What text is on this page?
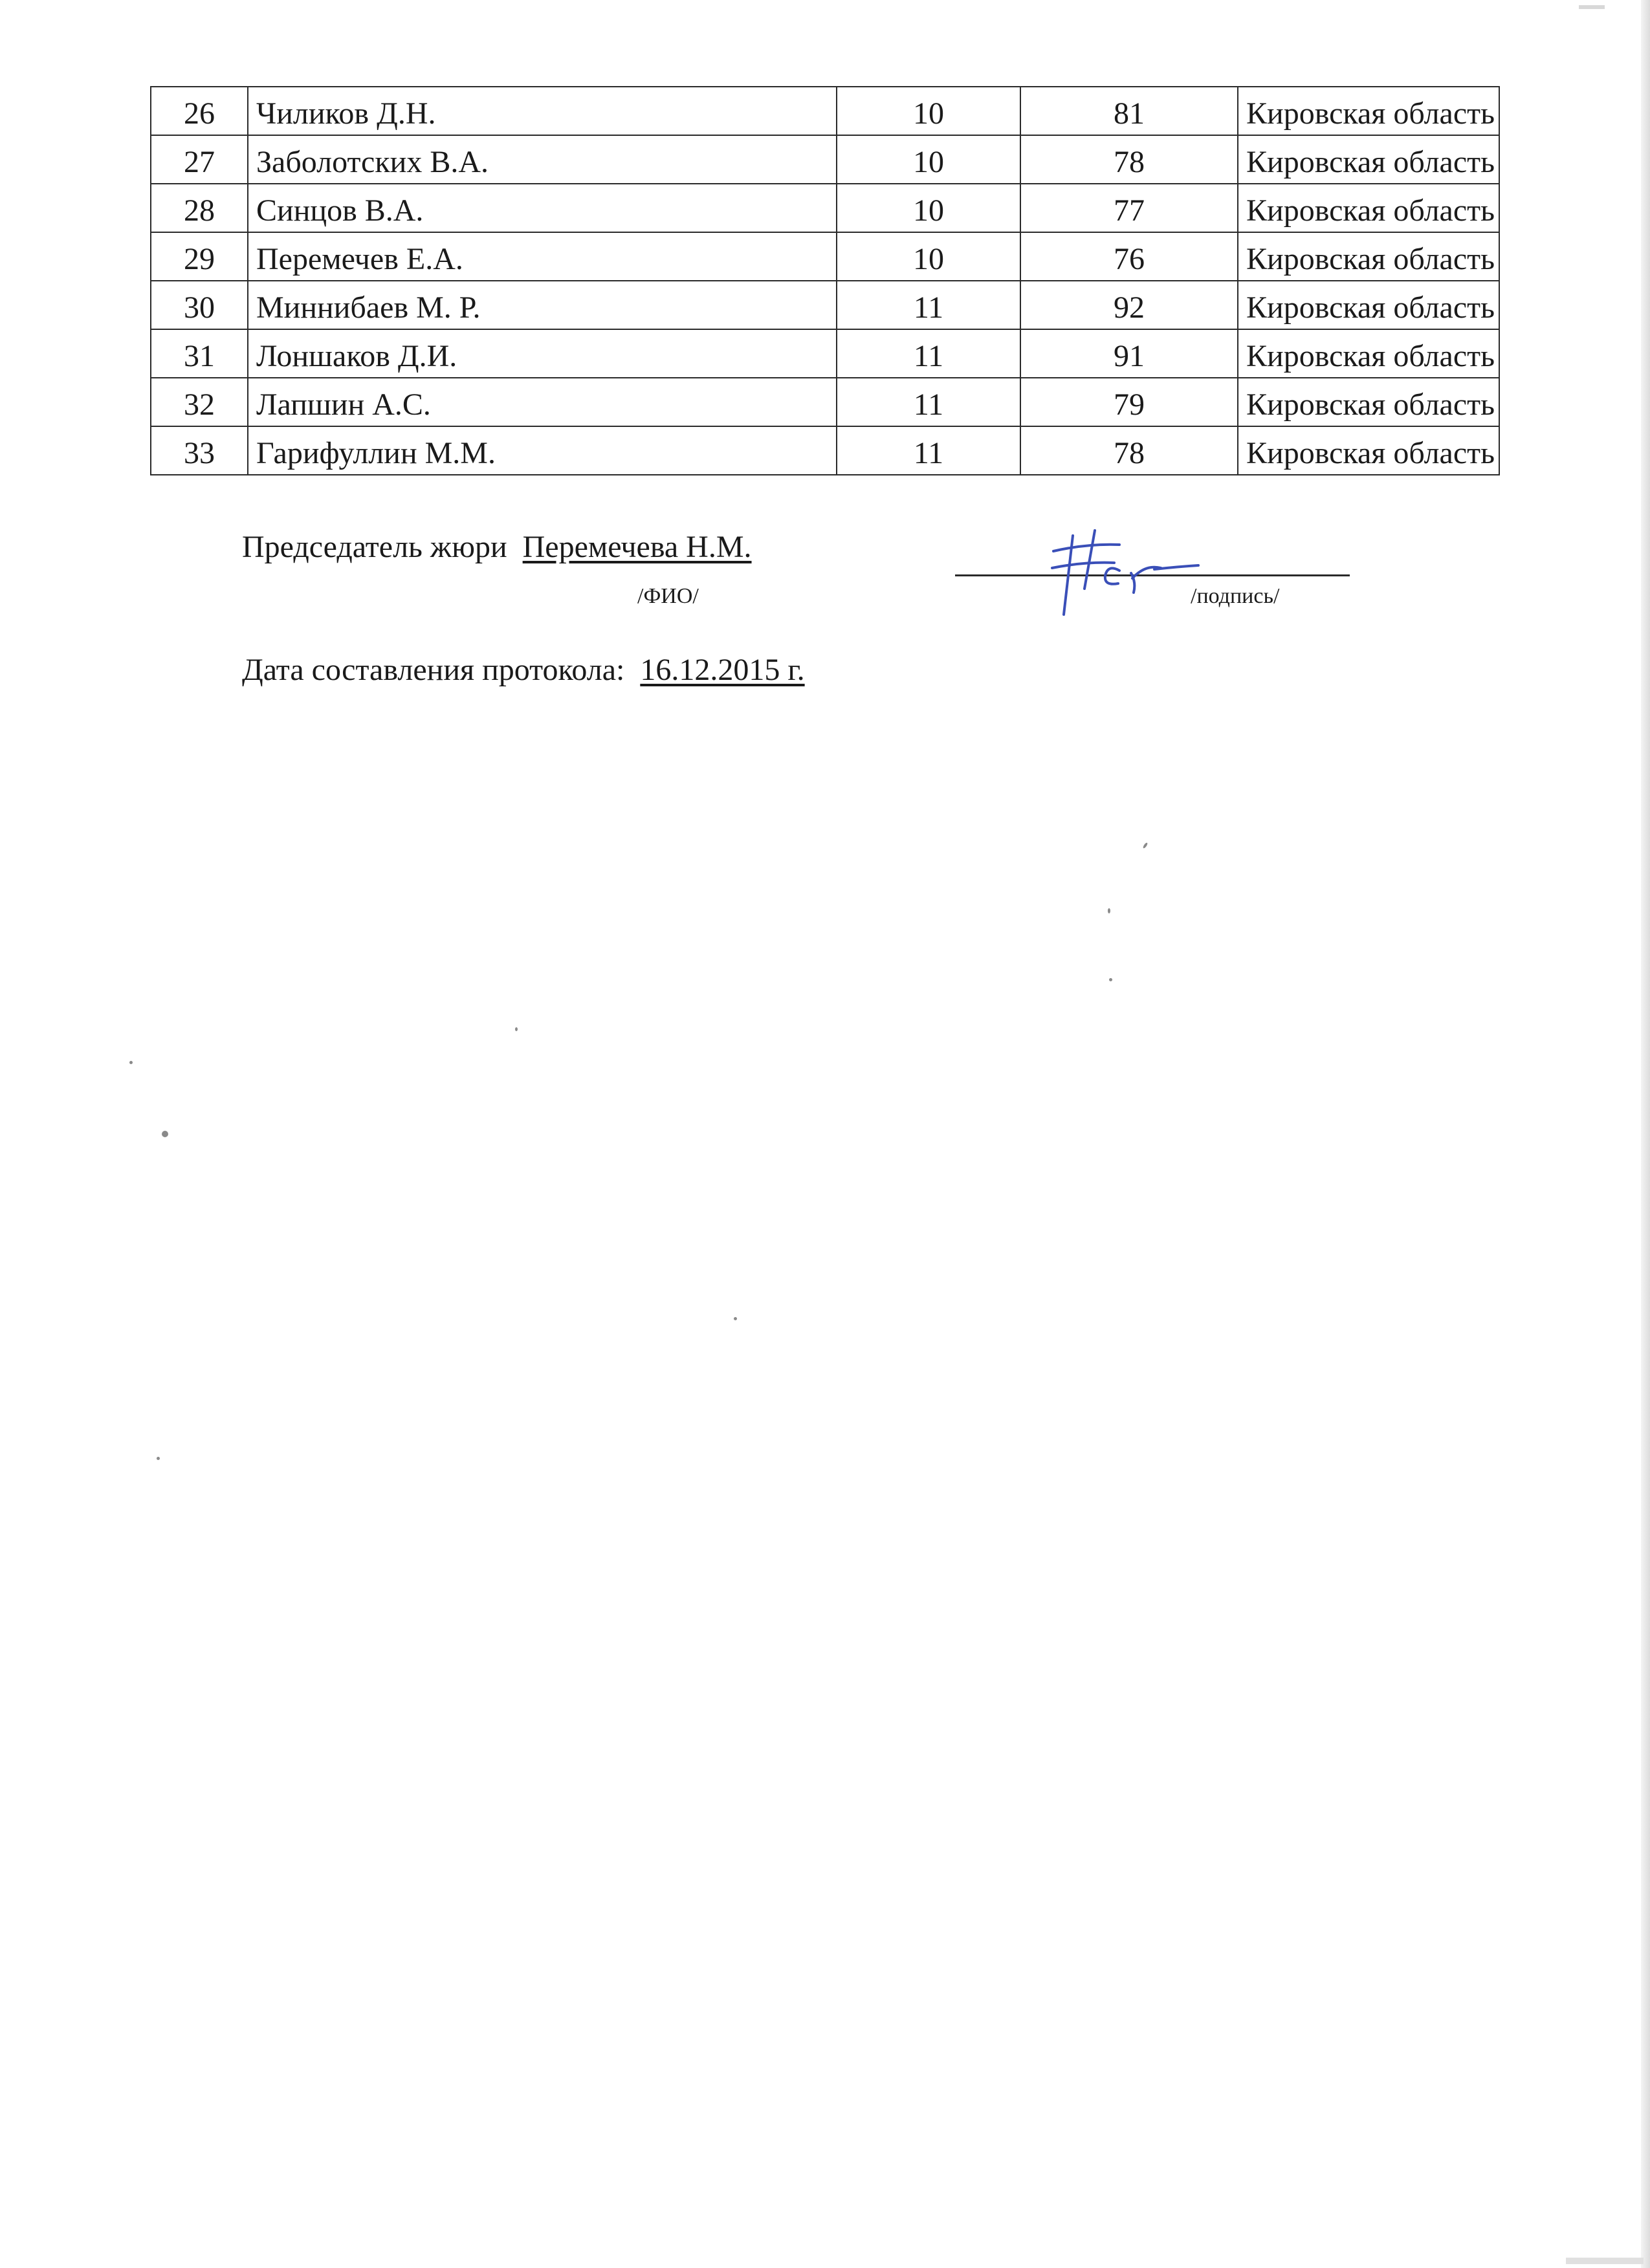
26	Чиликов Д.Н.	10	81	Кировская область
27	Заболотских В.А.	10	78	Кировская область
28	Синцов В.А.	10	77	Кировская область
29	Перемечев Е.А.	10	76	Кировская область
30	Миннибаев М. Р.	11	92	Кировская область
31	Лоншаков Д.И.	11	91	Кировская область
32	Лапшин А.С.	11	79	Кировская область
33	Гарифуллин М.М.	11	78	Кировская область
Председатель жюри Перемечева Н.М.
/ФИО/	/подпись/
Дата составления протокола: 16.12.2015 г.
